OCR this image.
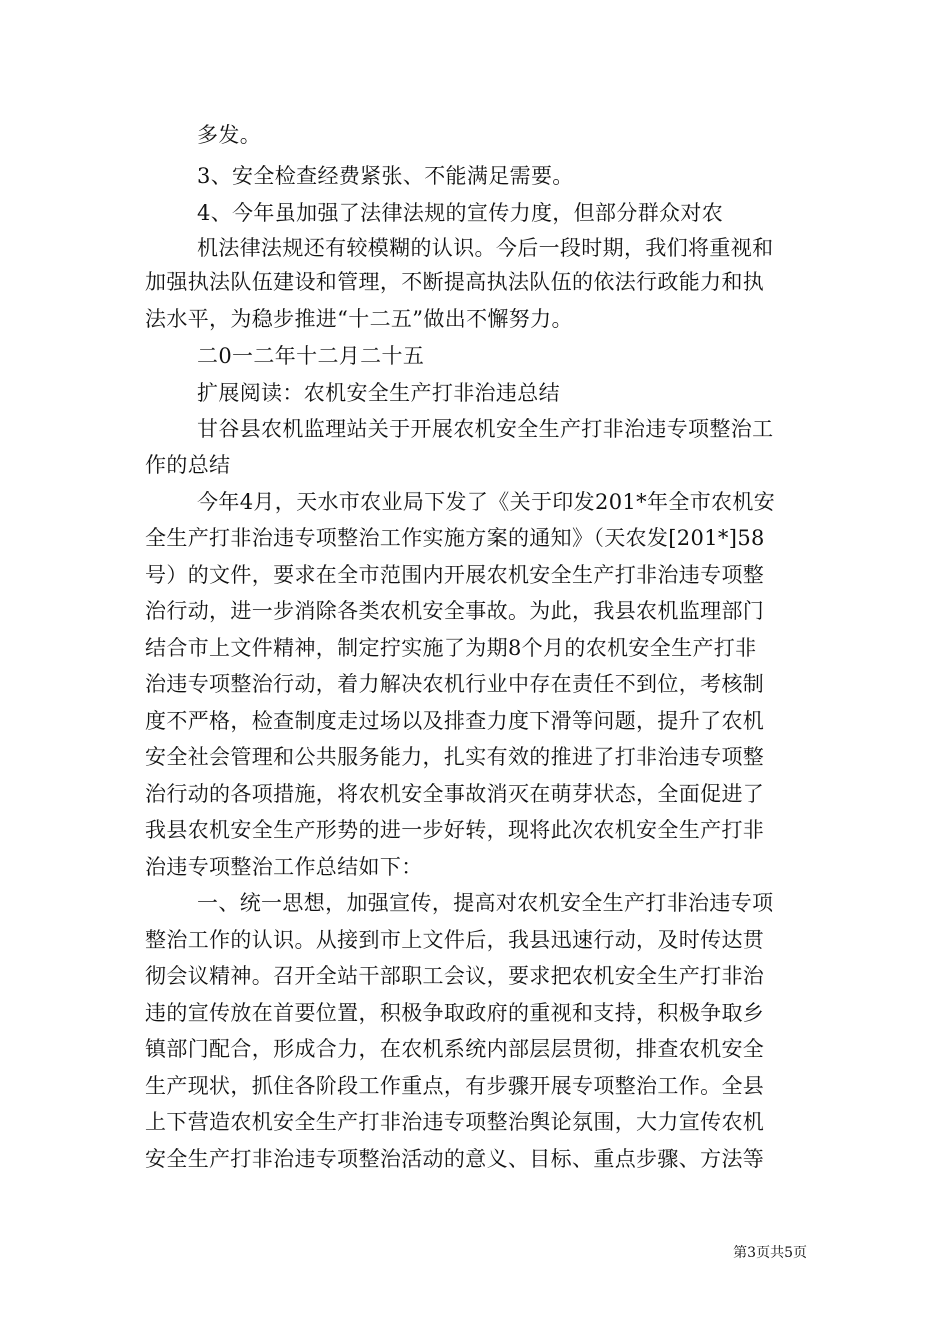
多发。
3、安全检查经费紧张、不能满足需要。
4、今年虽加强了法律法规的宣传力度，但部分群众对农
机法律法规还有较模糊的认识。今后一段时期，我们将重视和
加强执法队伍建设和管理，不断提高执法队伍的依法行政能力和执
法水平，为稳步推进“十二五”做出不懈努力。
二0一二年十二月二十五
扩展阅读：农机安全生产打非治违总结
甘谷县农机监理站关于开展农机安全生产打非治违专项整治工
作的总结
今年4月，天水市农业局下发了《关于印发201*年全市农机安
全生产打非治违专项整治工作实施方案的通知》（天农发[201*]58
号）的文件，要求在全市范围内开展农机安全生产打非治违专项整
治行动，进一步消除各类农机安全事故。为此，我县农机监理部门
结合市上文件精神，制定拧实施了为期8个月的农机安全生产打非
治违专项整治行动，着力解决农机行业中存在责任不到位，考核制
度不严格，检查制度走过场以及排查力度下滑等问题，提升了农机
安全社会管理和公共服务能力，扎实有效的推进了打非治违专项整
治行动的各项措施，将农机安全事故消灭在萌芽状态，全面促进了
我县农机安全生产形势的进一步好转，现将此次农机安全生产打非
治违专项整治工作总结如下：
一、统一思想，加强宣传，提高对农机安全生产打非治违专项
整治工作的认识。从接到市上文件后，我县迅速行动，及时传达贯
彻会议精神。召开全站干部职工会议，要求把农机安全生产打非治
违的宣传放在首要位置，积极争取政府的重视和支持，积极争取乡
镇部门配合，形成合力，在农机系统内部层层贯彻，排查农机安全
生产现状，抓住各阶段工作重点，有步骤开展专项整治工作。全县
上下营造农机安全生产打非治违专项整治舆论氛围，大力宣传农机
安全生产打非治违专项整治活动的意义、目标、重点步骤、方法等
第3页共5页
